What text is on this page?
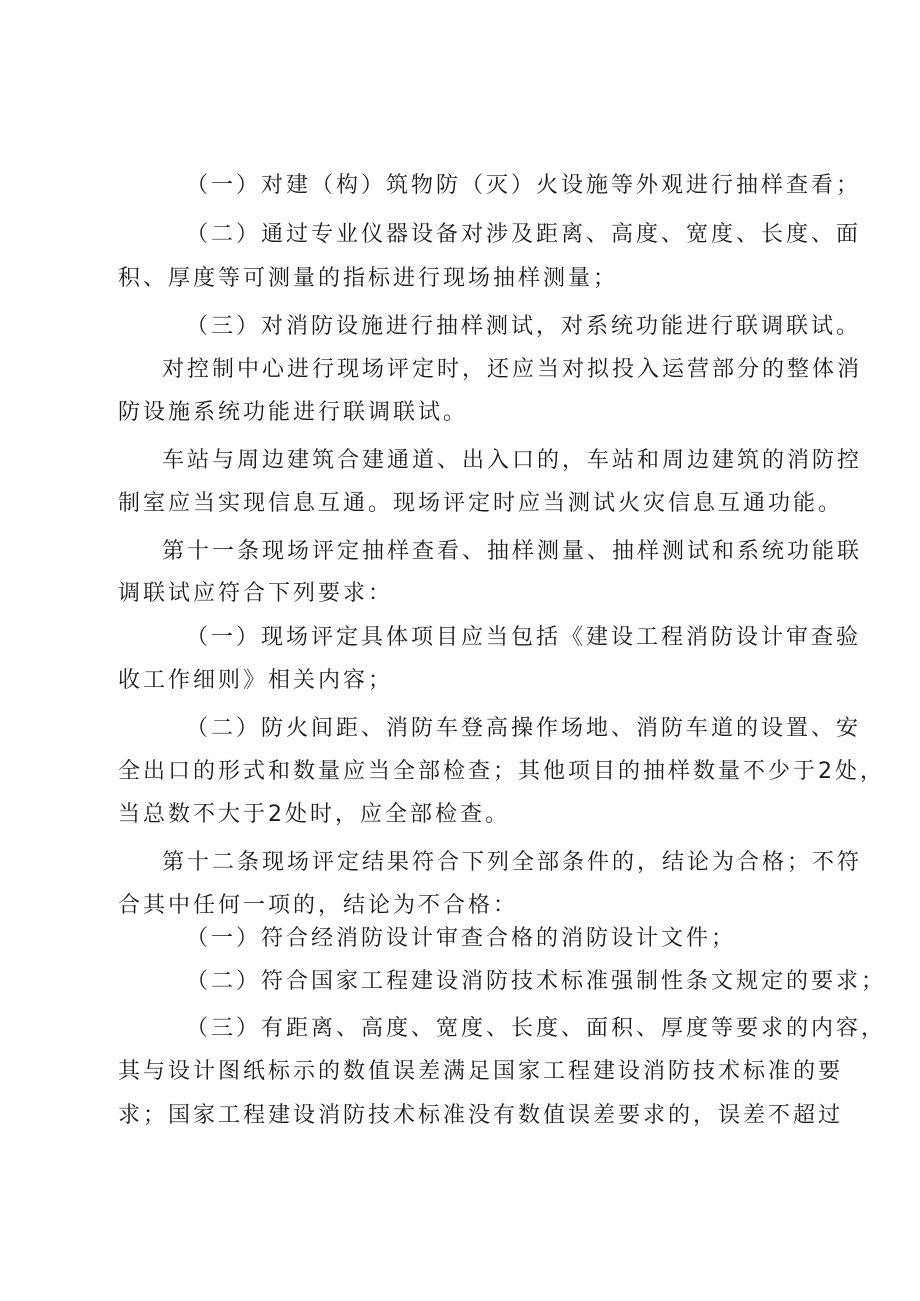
（一）对建（构）筑物防（灭）火设施等外观进行抽样查看；
（二）通过专业仪器设备对涉及距离、高度、宽度、长度、面
积、厚度等可测量的指标进行现场抽样测量；
（三）对消防设施进行抽样测试，对系统功能进行联调联试。
对控制中心进行现场评定时，还应当对拟投入运营部分的整体消
防设施系统功能进行联调联试。
车站与周边建筑合建通道、出入口的，车站和周边建筑的消防控
制室应当实现信息互通。现场评定时应当测试火灾信息互通功能。
第十一条现场评定抽样查看、抽样测量、抽样测试和系统功能联
调联试应符合下列要求：
（一）现场评定具体项目应当包括《建设工程消防设计审查验
收工作细则》相关内容；
（二）防火间距、消防车登高操作场地、消防车道的设置、安
全出口的形式和数量应当全部检查；其他项目的抽样数量不少于2处，
当总数不大于2处时，应全部检查。
第十二条现场评定结果符合下列全部条件的，结论为合格；不符
合其中任何一项的，结论为不合格：
（一）符合经消防设计审查合格的消防设计文件；
（二）符合国家工程建设消防技术标准强制性条文规定的要求；
（三）有距离、高度、宽度、长度、面积、厚度等要求的内容，
其与设计图纸标示的数值误差满足国家工程建设消防技术标准的要
求；国家工程建设消防技术标准没有数值误差要求的，误差不超过
